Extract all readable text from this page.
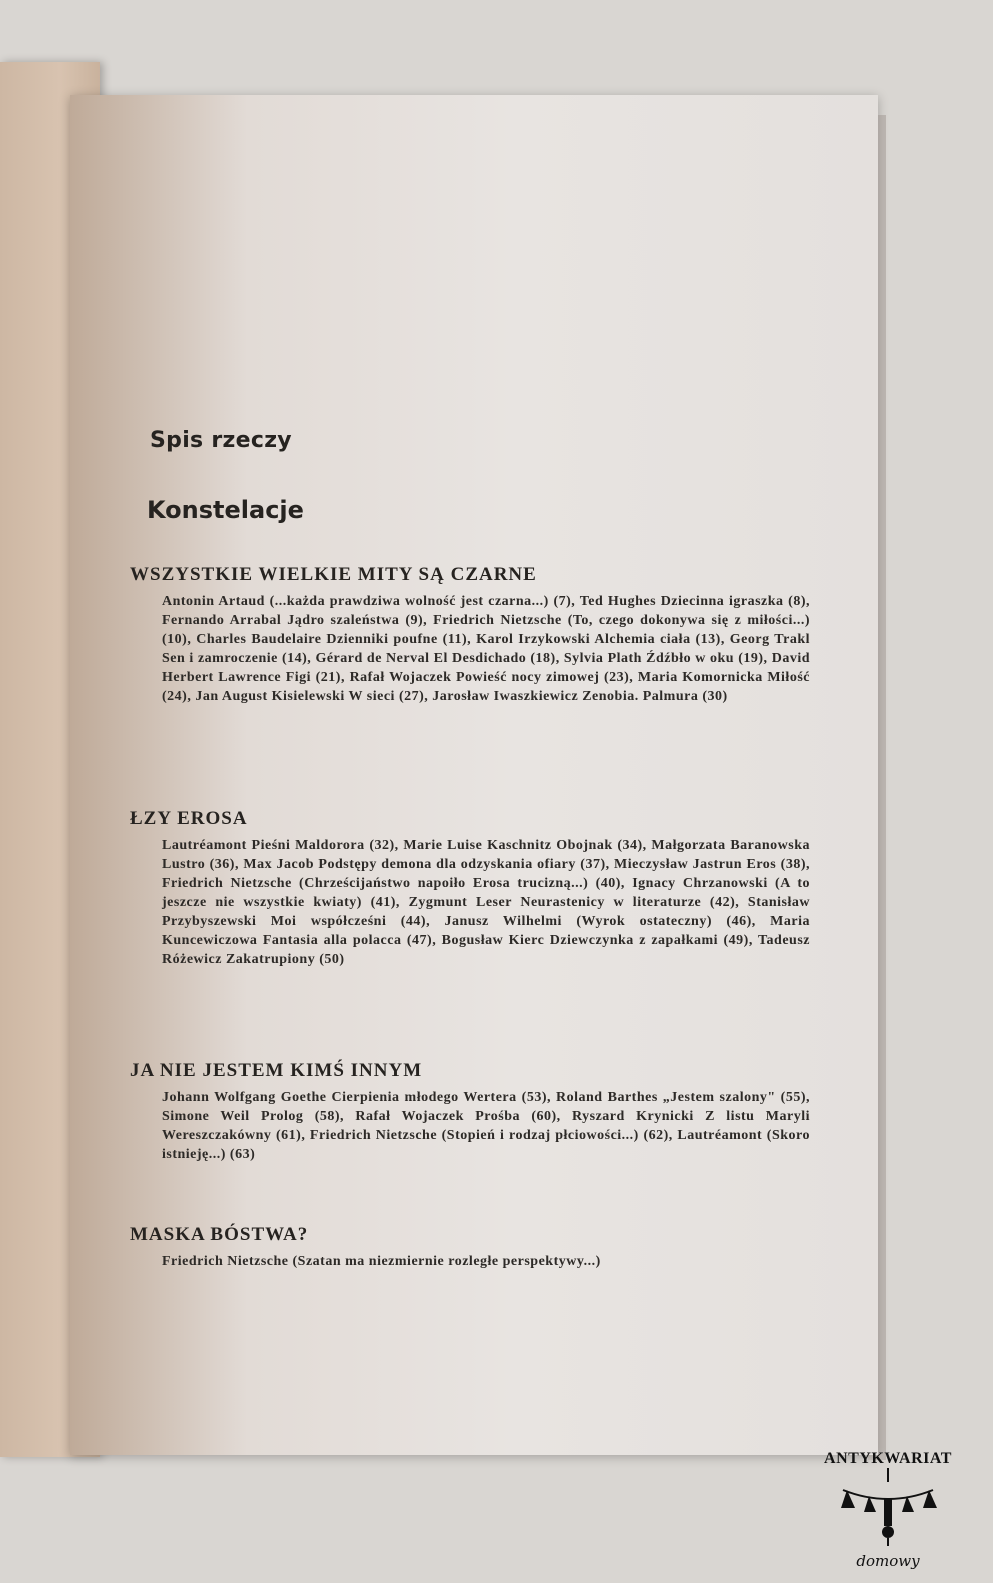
Spis rzeczy
Konstelacje
WSZYSTKIE WIELKIE MITY SĄ CZARNE

Antonin Artaud (...każda prawdziwa wolność jest czarna...) (7), Ted Hughes Dziecinna igraszka (8), Fernando Arrabal Jądro szaleństwa (9), Friedrich Nietzsche (To, czego dokonywa się z miłości...) (10), Charles Baudelaire Dzienniki poufne (11), Karol Irzykowski Alchemia ciała (13), Georg Trakl Sen i zamroczenie (14), Gérard de Nerval El Desdichado (18), Sylvia Plath Źdźbło w oku (19), David Herbert Lawrence Figi (21), Rafał Wojaczek Powieść nocy zimowej (23), Maria Komornicka Miłość (24), Jan August Kisielewski W sieci (27), Jarosław Iwaszkiewicz Zenobia. Palmura (30)

ŁZY EROSA

Lautréamont Pieśni Maldorora (32), Marie Luise Kaschnitz Obojnak (34), Małgorzata Baranowska Lustro (36), Max Jacob Podstępy demona dla odzyskania ofiary (37), Mieczysław Jastrun Eros (38), Friedrich Nietzsche (Chrześcijaństwo napoiło Erosa trucizną...) (40), Ignacy Chrzanowski (A to jeszcze nie wszystkie kwiaty) (41), Zygmunt Leser Neurastenicy w literaturze (42), Stanisław Przybyszewski Moi współcześni (44), Janusz Wilhelmi (Wyrok ostateczny) (46), Maria Kuncewiczowa Fantasia alla polacca (47), Bogusław Kierc Dziewczynka z zapałkami (49), Tadeusz Różewicz Zakatrupiony (50)

JA NIE JESTEM KIMŚ INNYM

Johann Wolfgang Goethe Cierpienia młodego Wertera (53), Roland Barthes „Jestem szalony" (55), Simone Weil Prolog (58), Rafał Wojaczek Prośba (60), Ryszard Krynicki Z listu Maryli Wereszczakówny (61), Friedrich Nietzsche (Stopień i rodzaj płciowości...) (62), Lautréamont (Skoro istnieję...) (63)

MASKA BÓSTWA?

Friedrich Nietzsche (Szatan ma niezmiernie rozległe perspektywy...)

ANTYKWARIAT
domowy
